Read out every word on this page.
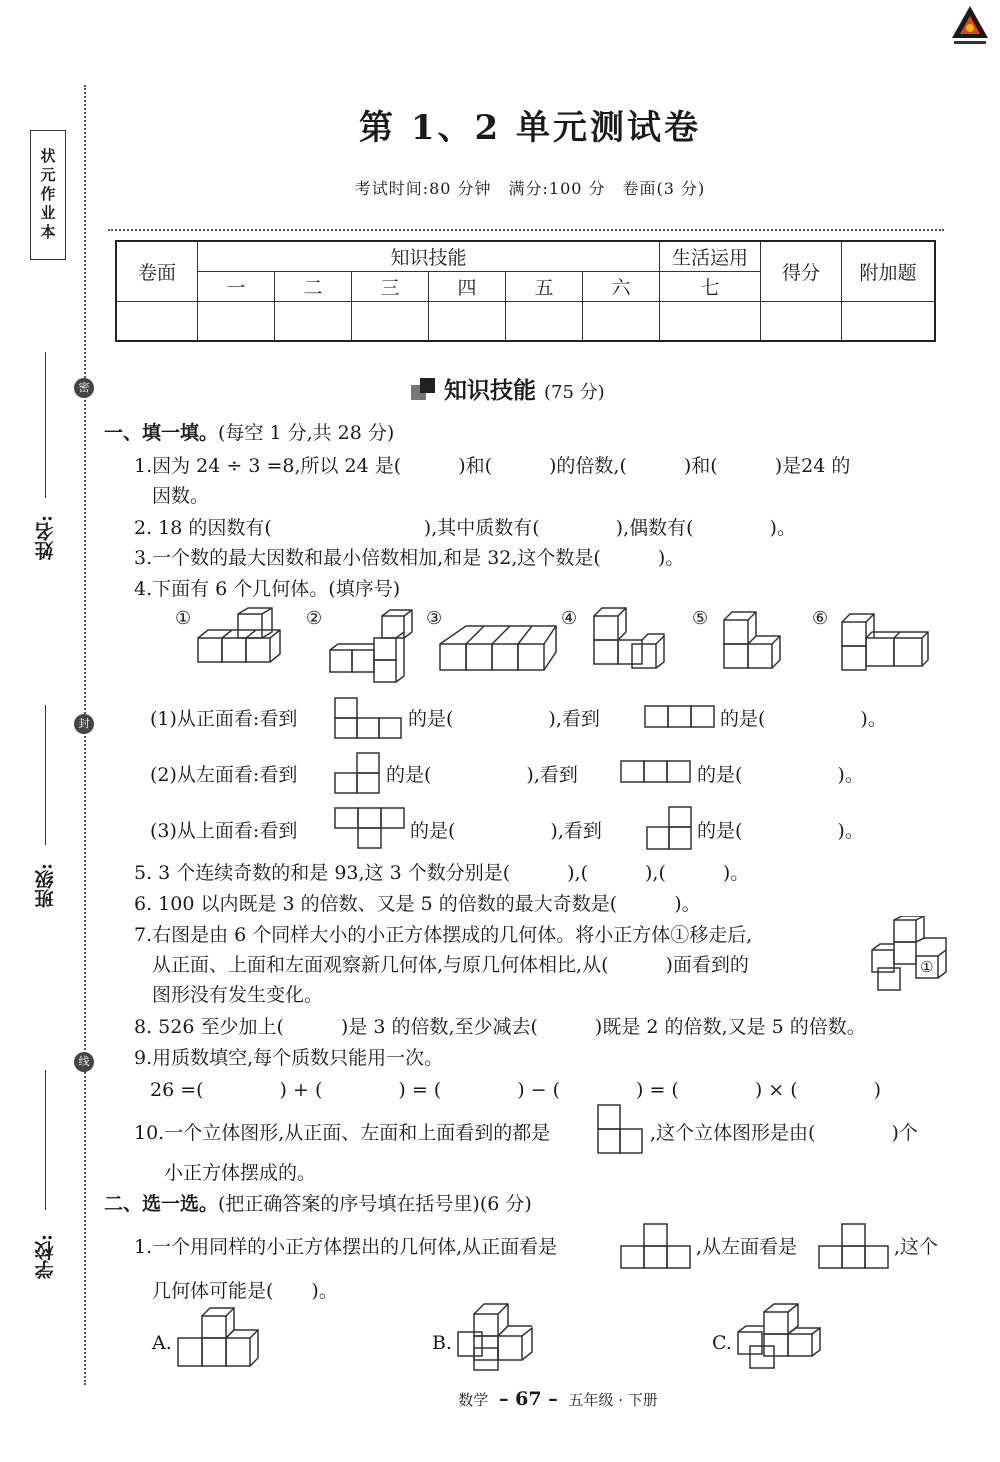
状元作业本
密
封
线
姓名:
班级:
学校:
第 1、2 单元测试卷
考试时间:80 分钟　满分:100 分　卷面(3 分)
卷面	知识技能						生活运用	得分	附加题
	一	二	三	四	五	六	七		

知识技能 (75 分)
一、填一填。(每空 1 分,共 28 分)
1.因为 24 ÷ 3 =8,所以 24 是(　　　)和(　　　)的倍数,(　　　)和(　　　)是24 的
因数。
2. 18 的因数有(　　　　　　　　),其中质数有(　　　　),偶数有(　　　　)。
3.一个数的最大因数和最小倍数相加,和是 32,这个数是(　　　)。
4.下面有 6 个几何体。(填序号)
①	②	③	④	⑤	⑥
(1)从正面看:看到	的是(　　　　　),看到	的是(　　　　　)。
(2)从左面看:看到	的是(　　　　　),看到	的是(　　　　　)。
(3)从上面看:看到	的是(　　　　　),看到	的是(　　　　　)。
5. 3 个连续奇数的和是 93,这 3 个数分别是(　　　),(　　　),(　　　)。
6. 100 以内既是 3 的倍数、又是 5 的倍数的最大奇数是(　　　)。
7.右图是由 6 个同样大小的小正方体摆成的几何体。将小正方体①移走后,
从正面、上面和左面观察新几何体,与原几何体相比,从(　　　)面看到的
图形没有发生变化。
①
8. 526 至少加上(　　　)是 3 的倍数,至少减去(　　　)既是 2 的倍数,又是 5 的倍数。
9.用质数填空,每个质数只能用一次。
26 =(　　　　) + (　　　　) = (　　　　) − (　　　　) = (　　　　) × (　　　　)
10.一个立体图形,从正面、左面和上面看到的都是	,这个立体图形是由(　　　　)个
小正方体摆成的。
二、选一选。(把正确答案的序号填在括号里)(6 分)
1.一个用同样的小正方体摆出的几何体,从正面看是	,从左面看是	,这个
几何体可能是(　　)。
A.	B.	C.
数学 – 67 – 五年级 · 下册
